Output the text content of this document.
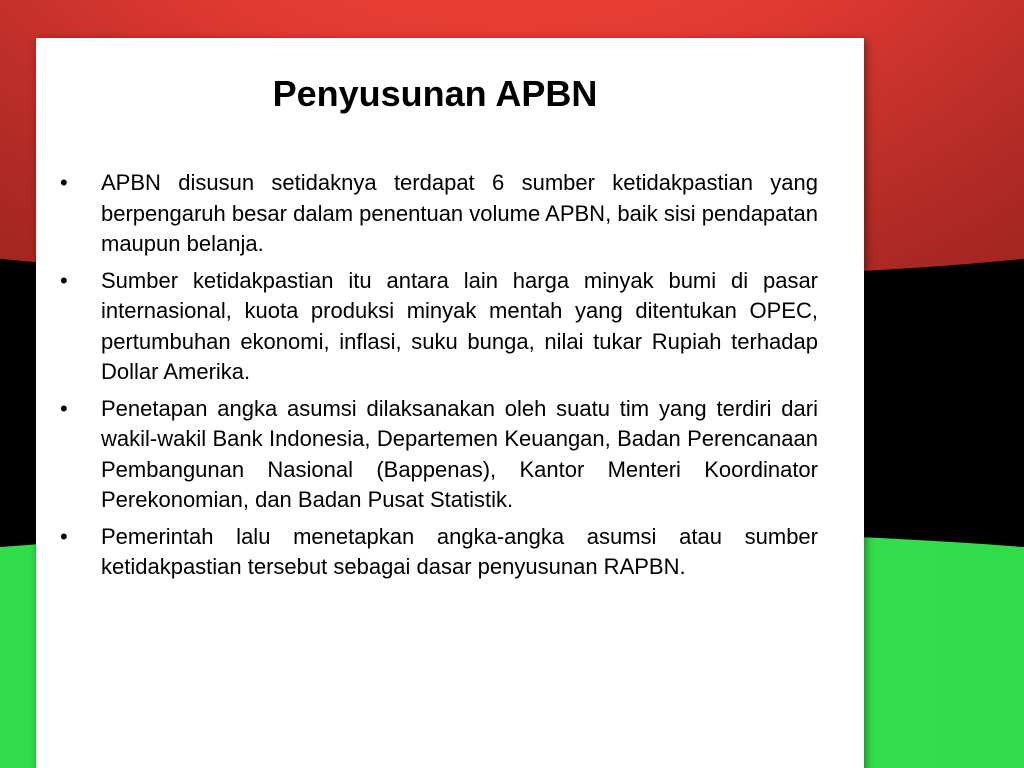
Penyusunan APBN
• APBN disusun setidaknya terdapat 6 sumber ketidakpastian yang berpengaruh besar dalam penentuan volume APBN, baik sisi pendapatan maupun belanja.
• Sumber ketidakpastian itu antara lain harga minyak bumi di pasar internasional, kuota produksi minyak mentah yang ditentukan OPEC, pertumbuhan ekonomi, inflasi, suku bunga, nilai tukar Rupiah terhadap Dollar Amerika.
• Penetapan angka asumsi dilaksanakan oleh suatu tim yang terdiri dari wakil-wakil Bank Indonesia, Departemen Keuangan, Badan Perencanaan Pembangunan Nasional (Bappenas), Kantor Menteri Koordinator Perekonomian, dan Badan Pusat Statistik.
• Pemerintah lalu menetapkan angka-angka asumsi atau sumber ketidakpastian tersebut sebagai dasar penyusunan RAPBN.
